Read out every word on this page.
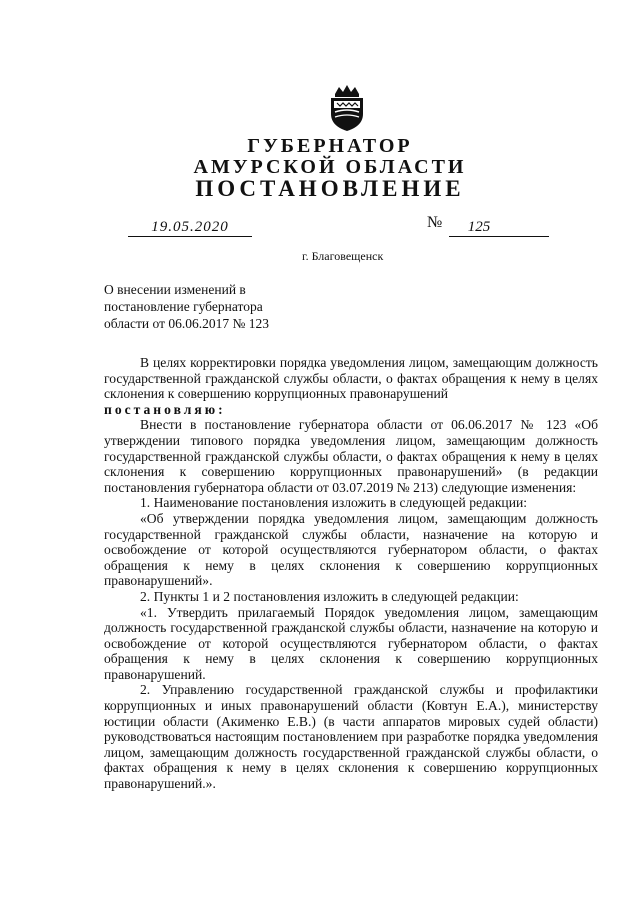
ГУБЕРНАТОР
АМУРСКОЙ ОБЛАСТИ
ПОСТАНОВЛЕНИЕ
19.05.2020	№	125
г. Благовещенск
О внесении изменений в
постановление губернатора
области от 06.06.2017 № 123

В целях корректировки порядка уведомления лицом, замещающим должность государственной гражданской службы области, о фактах обращения к нему в целях склонения к совершению коррупционных правонарушений

постановляю:

Внести в постановление губернатора области от 06.06.2017 № 123 «Об утверждении типового порядка уведомления лицом, замещающим должность государственной гражданской службы области, о фактах обращения к нему в целях склонения к совершению коррупционных правонарушений» (в редакции постановления губернатора области от 03.07.2019 № 213) следующие изменения:

1. Наименование постановления изложить в следующей редакции:

«Об утверждении порядка уведомления лицом, замещающим должность государственной гражданской службы области, назначение на которую и освобождение от которой осуществляются губернатором области, о фактах обращения к нему в целях склонения к совершению коррупционных правонарушений».

2. Пункты 1 и 2 постановления изложить в следующей редакции:

«1. Утвердить прилагаемый Порядок уведомления лицом, замещающим должность государственной гражданской службы области, назначение на которую и освобождение от которой осуществляются губернатором области, о фактах обращения к нему в целях склонения к совершению коррупционных правонарушений.

2. Управлению государственной гражданской службы и профилактики коррупционных и иных правонарушений области (Ковтун Е.А.), министерству юстиции области (Акименко Е.В.) (в части аппаратов мировых судей области) руководствоваться настоящим постановлением при разработке порядка уведомления лицом, замещающим должность государственной гражданской службы области, о фактах обращения к нему в целях склонения к совершению коррупционных правонарушений.».
